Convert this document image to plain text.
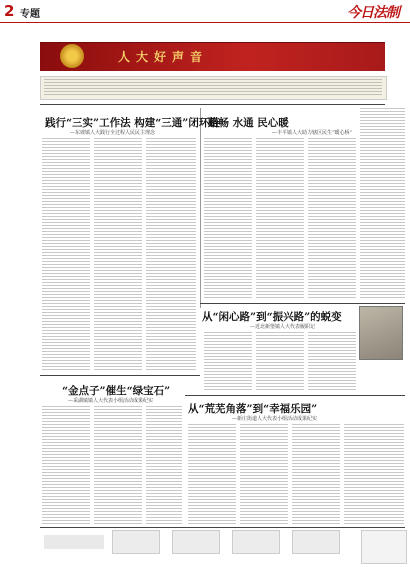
2 专题	今日法制
人大好声音
践行“三实”工作法 构建“三通”闭环链
—东坡镇人大践行全过程人民民主理念
路畅 水通 民心暖
—丰平镇人大助力辖区民生“暖心桥”
从“闲心路”到“振兴路”的蜕变
—近北新堡镇人大代表履职记
“金点子”催生“绿宝石”
—采湖镇镇人大代表小组活动成果纪实
从“荒芜角落”到“幸福乐园”
—新庄街道人大代表小组活动成果纪实
